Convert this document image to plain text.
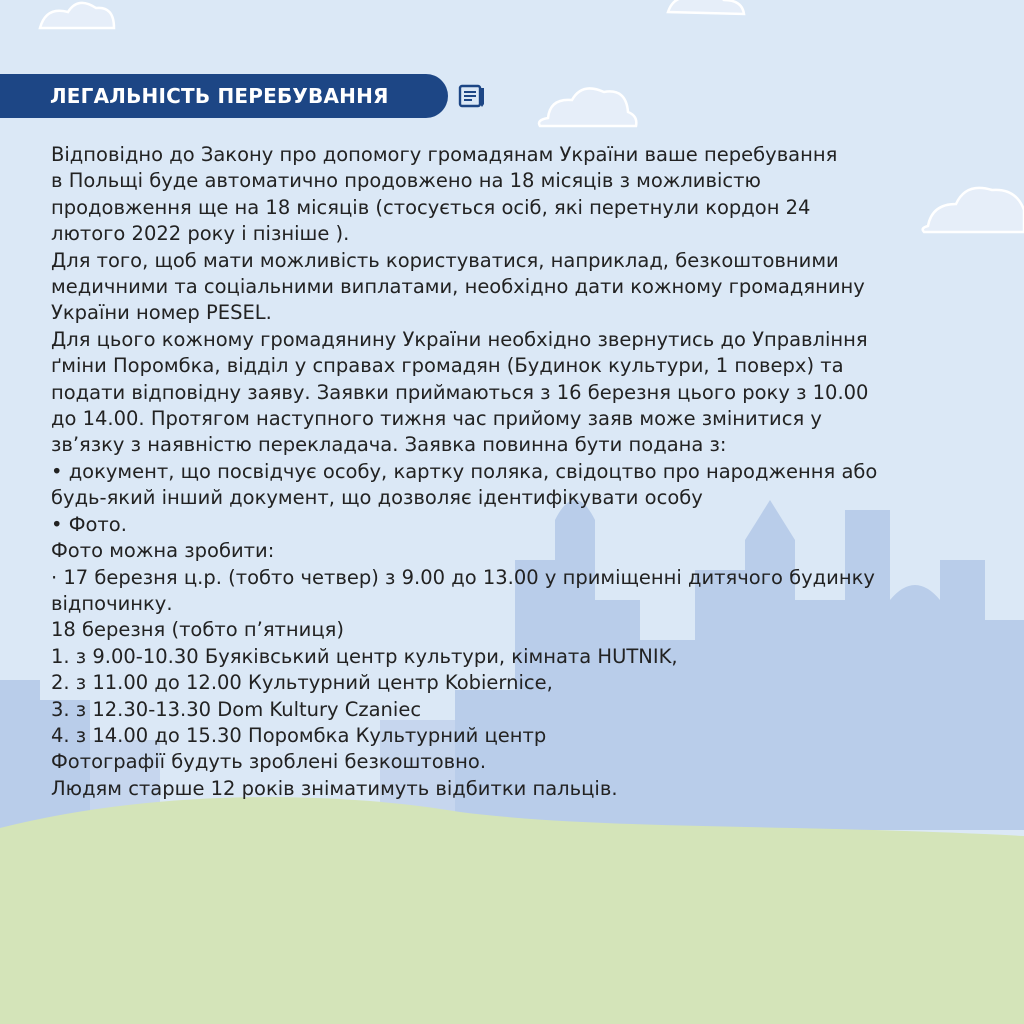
ЛЕГАЛЬНІСТЬ ПЕРЕБУВАННЯ

Відповідно до Закону про допомогу громадянам України ваше перебування

в Польщі буде автоматично продовжено на 18 місяців з можливістю

продовження ще на 18 місяців (стосується осіб, які перетнули кордон 24

лютого 2022 року і пізніше ).

Для того, щоб мати можливість користуватися, наприклад, безкоштовними

медичними та соціальними виплатами, необхідно дати кожному громадянину

України номер PESEL.

Для цього кожному громадянину України необхідно звернутись до Управління

ґміни Поромбка, відділ у справах громадян (Будинок культури, 1 поверх) та

подати відповідну заяву. Заявки приймаються з 16 березня цього року з 10.00

до 14.00. Протягом наступного тижня час прийому заяв може змінитися у

зв’язку з наявністю перекладача. Заявка повинна бути подана з:

• документ, що посвідчує особу, картку поляка, свідоцтво про народження або

будь-який інший документ, що дозволяє ідентифікувати особу

• Фото.

Фото можна зробити:

· 17 березня ц.р. (тобто четвер) з 9.00 до 13.00 у приміщенні дитячого будинку

відпочинку.

18 березня (тобто п’ятниця)

1. з 9.00-10.30 Буяківський центр культури, кімната HUTNIK,

2. з 11.00 до 12.00 Культурний центр Kobiernice,

3. з 12.30-13.30 Dom Kultury Czaniec

4. з 14.00 до 15.30 Поромбка Культурний центр

Фотографії будуть зроблені безкоштовно.

Людям старше 12 років зніматимуть відбитки пальців.
